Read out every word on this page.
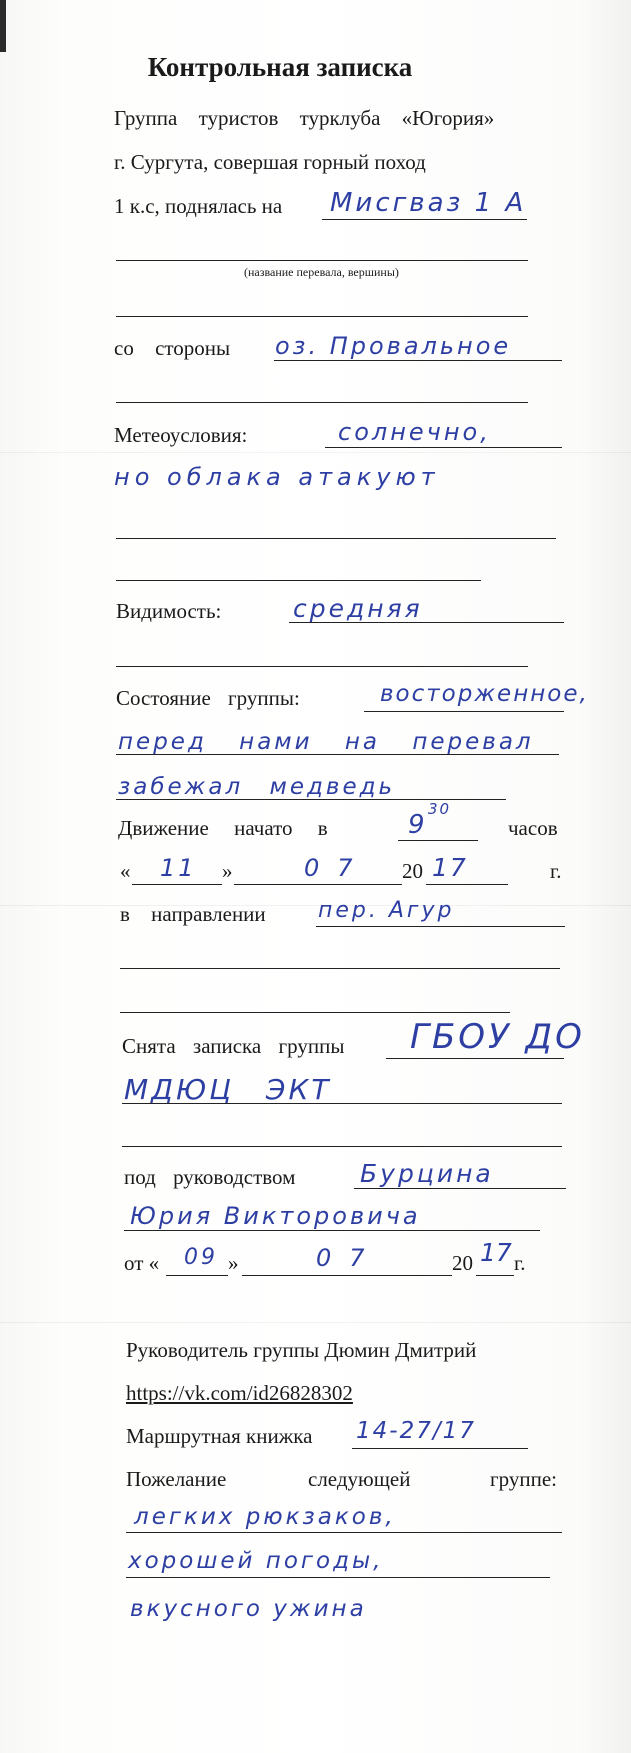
Контрольная записка
Группа туристов турклуба «Югория»
г. Сургута, совершая горный поход
1 к.с, поднялась на Мисгваз 1 А
(название перевала, вершины)
со стороны оз. Провальное
Метеоусловия:	солнечно,
но облака атакуют
Видимость:	средняя
Состояние группы:	восторженное,
перед нами на перевал
забежал медведь
Движение начато в	9
30
часов
« 11 »	07 20 17	г.
в направлении пер. Агур
Снята записка группы ГБОУ ДО
МДЮЦ ЭКТ
под руководством	Бурцина
Юрия Викторовича
от « 09 »	07	20 17 г.
Руководитель группы Дюмин Дмитрий
https://vk.com/id26828302
Маршрутная книжка 14-27/17
Пожелание	следующей	группе:
легких рюкзаков,
хорошей погоды,
вкусного ужина
